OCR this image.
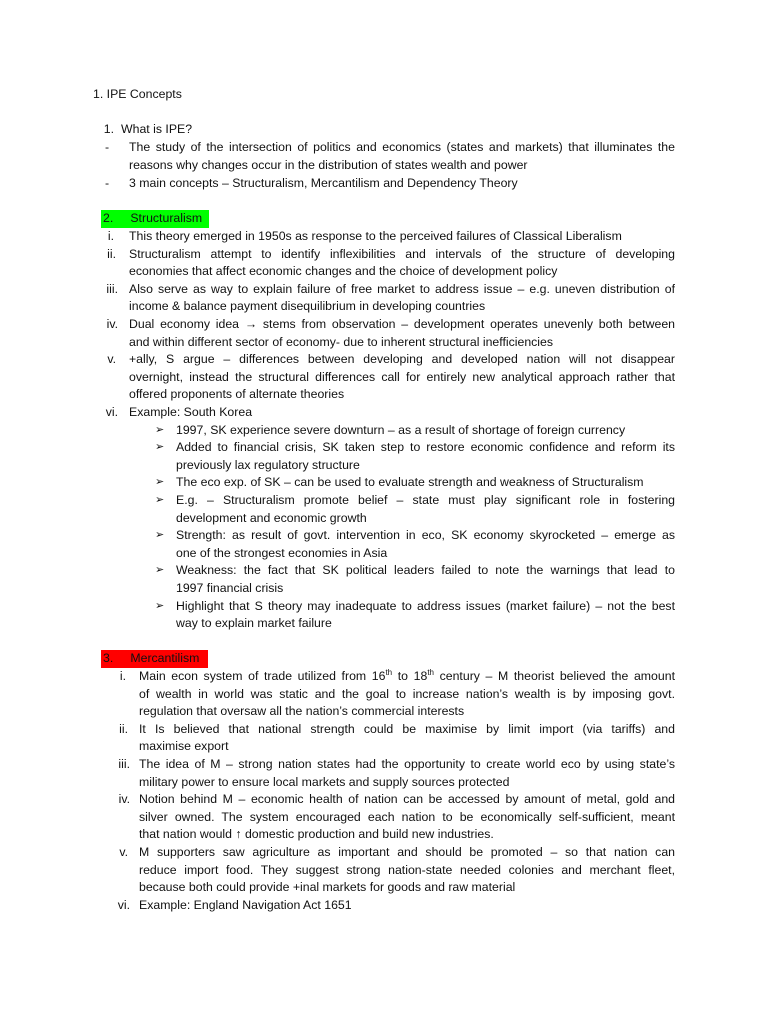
1. IPE Concepts
1. What is IPE?
- The study of the intersection of politics and economics (states and markets) that illuminates the
reasons why changes occur in the distribution of states wealth and power
- 3 main concepts – Structuralism, Mercantilism and Dependency Theory
2. Structuralism
i. This theory emerged in 1950s as response to the perceived failures of Classical Liberalism
ii. Structuralism attempt to identify inflexibilities and intervals of the structure of developing
economies that affect economic changes and the choice of development policy
iii. Also serve as way to explain failure of free market to address issue – e.g. uneven distribution of
income & balance payment disequilibrium in developing countries
iv. Dual economy idea → stems from observation – development operates unevenly both between
and within different sector of economy- due to inherent structural inefficiencies
v. +ally, S argue – differences between developing and developed nation will not disappear
overnight, instead the structural differences call for entirely new analytical approach rather that
offered proponents of alternate theories
vi. Example: South Korea
➢ 1997, SK experience severe downturn – as a result of shortage of foreign currency
➢ Added to financial crisis, SK taken step to restore economic confidence and reform its
previously lax regulatory structure
➢ The eco exp. of SK – can be used to evaluate strength and weakness of Structuralism
➢ E.g. – Structuralism promote belief – state must play significant role in fostering
development and economic growth
➢ Strength: as result of govt. intervention in eco, SK economy skyrocketed – emerge as
one of the strongest economies in Asia
➢ Weakness: the fact that SK political leaders failed to note the warnings that lead to
1997 financial crisis
➢ Highlight that S theory may inadequate to address issues (market failure) – not the best
way to explain market failure
3. Mercantilism
i. Main econ system of trade utilized from 16th to 18th century – M theorist believed the amount
of wealth in world was static and the goal to increase nation’s wealth is by imposing govt.
regulation that oversaw all the nation’s commercial interests
ii. It Is believed that national strength could be maximise by limit import (via tariffs) and
maximise export
iii. The idea of M – strong nation states had the opportunity to create world eco by using state’s
military power to ensure local markets and supply sources protected
iv. Notion behind M – economic health of nation can be accessed by amount of metal, gold and
silver owned. The system encouraged each nation to be economically self-sufficient, meant
that nation would ↑ domestic production and build new industries.
v. M supporters saw agriculture as important and should be promoted – so that nation can
reduce import food. They suggest strong nation-state needed colonies and merchant fleet,
because both could provide +inal markets for goods and raw material
vi. Example: England Navigation Act 1651
